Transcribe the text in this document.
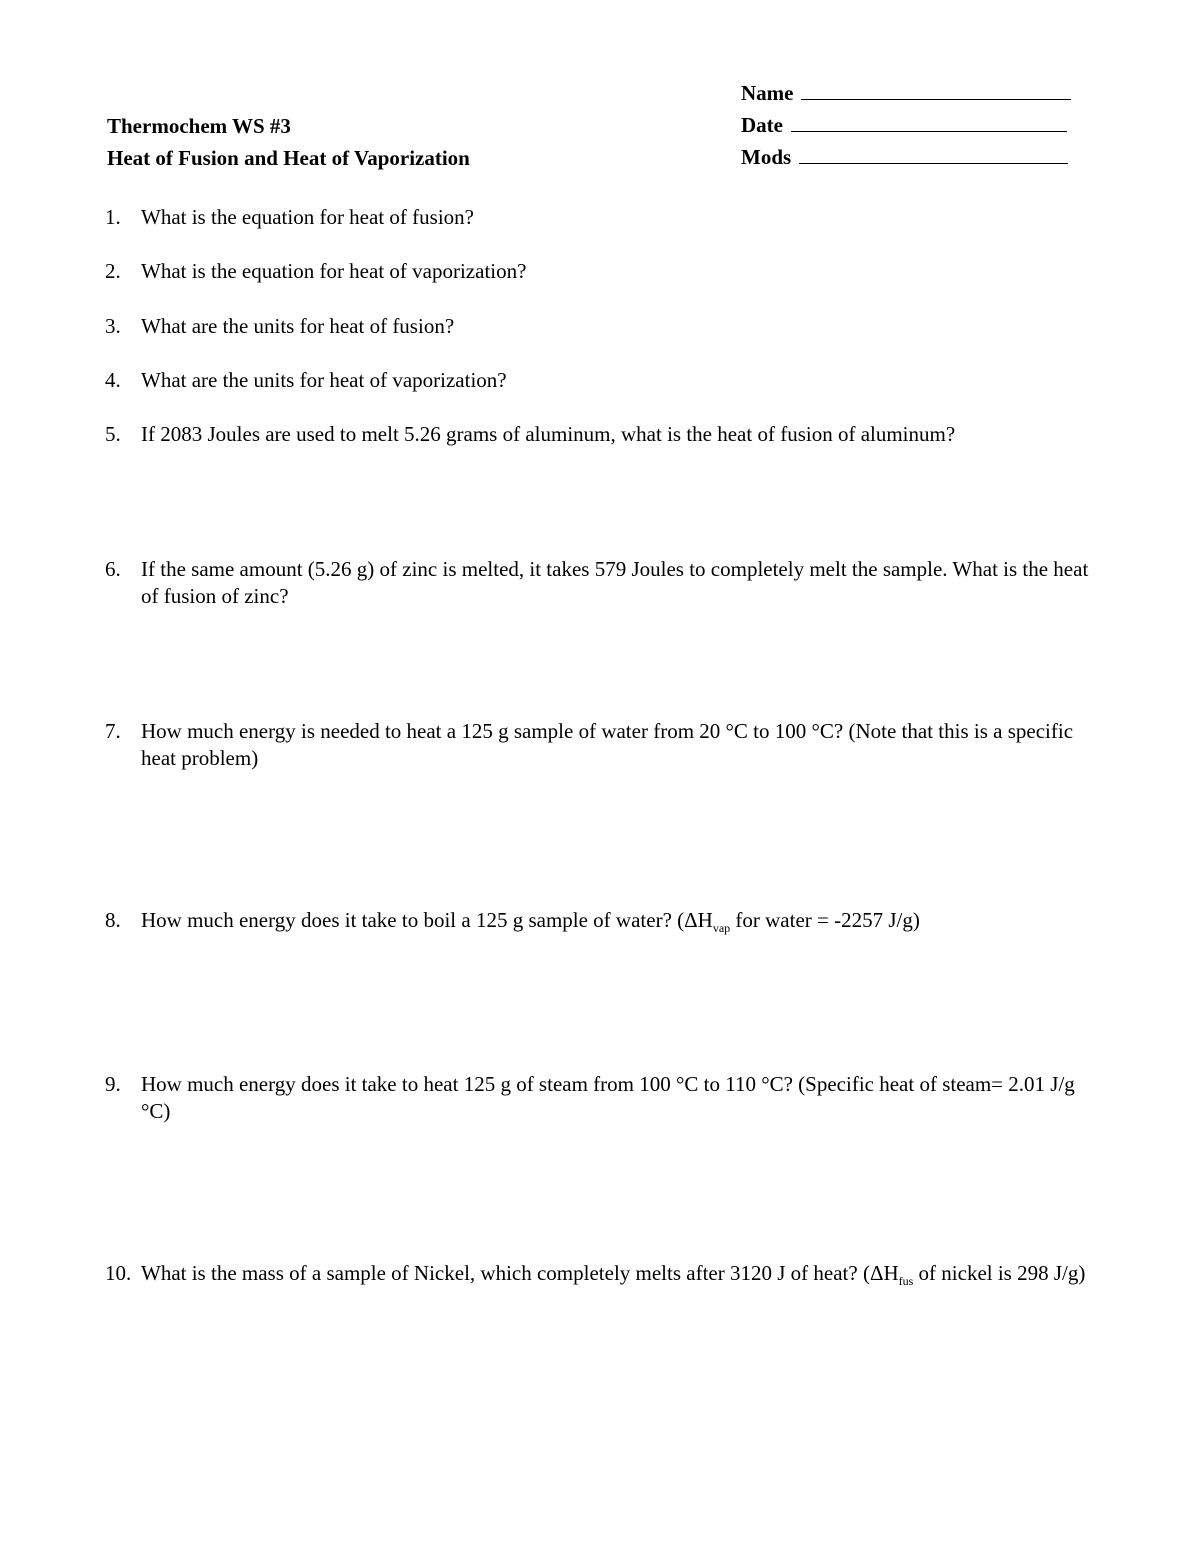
Thermochem WS #3
Heat of Fusion and Heat of Vaporization
Name
Date
Mods
1. What is the equation for heat of fusion?
2. What is the equation for heat of vaporization?
3. What are the units for heat of fusion?
4. What are the units for heat of vaporization?
5. If 2083 Joules are used to melt 5.26 grams of aluminum, what is the heat of fusion of aluminum?
6. If the same amount (5.26 g) of zinc is melted, it takes 579 Joules to completely melt the sample. What is the heat of fusion of zinc?
7. How much energy is needed to heat a 125 g sample of water from 20 °C to 100 °C? (Note that this is a specific heat problem)
8. How much energy does it take to boil a 125 g sample of water? ($\Delta H_{vap}$ for water = -2257 J/g)
9. How much energy does it take to heat 125 g of steam from 100 °C to 110 °C? (Specific heat of steam= 2.01 J/g °C)
10. What is the mass of a sample of Nickel, which completely melts after 3120 J of heat? ($\Delta H_{fus}$ of nickel is 298 J/g)
